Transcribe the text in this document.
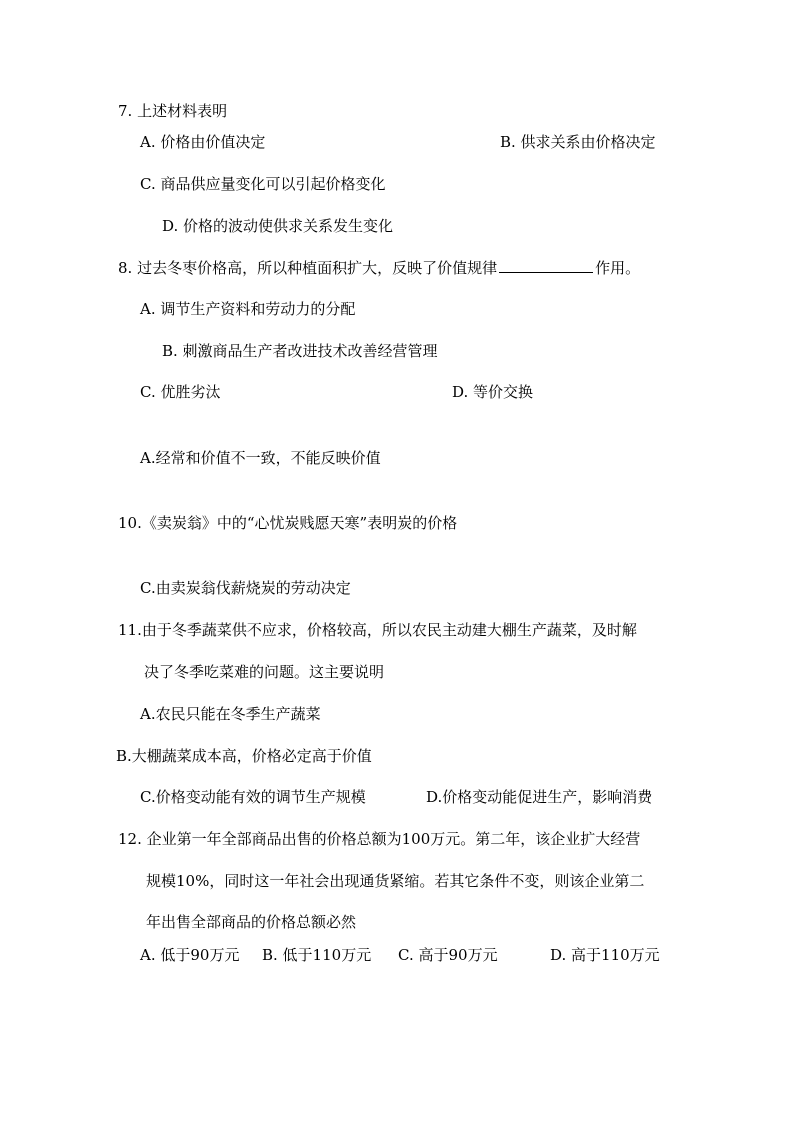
7. 上述材料表明
A. 价格由价值决定	B. 供求关系由价格决定
C. 商品供应量变化可以引起价格变化
D. 价格的波动使供求关系发生变化
8. 过去冬枣价格高，所以种植面积扩大，反映了价值规律	作用。
A. 调节生产资料和劳动力的分配
B. 刺激商品生产者改进技术改善经营管理
C. 优胜劣汰	D. 等价交换
A.经常和价值不一致，不能反映价值
10.《卖炭翁》中的“心忧炭贱愿天寒”表明炭的价格
C.由卖炭翁伐薪烧炭的劳动决定
11.由于冬季蔬菜供不应求，价格较高，所以农民主动建大棚生产蔬菜，及时解
决了冬季吃菜难的问题。这主要说明
A.农民只能在冬季生产蔬菜
B.大棚蔬菜成本高，价格必定高于价值
C.价格变动能有效的调节生产规模	D.价格变动能促进生产，影响消费
12. 企业第一年全部商品出售的价格总额为100万元。第二年，该企业扩大经营
规模10%，同时这一年社会出现通货紧缩。若其它条件不变，则该企业第二
年出售全部商品的价格总额必然
A. 低于90万元 B. 低于110万元 C. 高于90万元	D. 高于110万元
